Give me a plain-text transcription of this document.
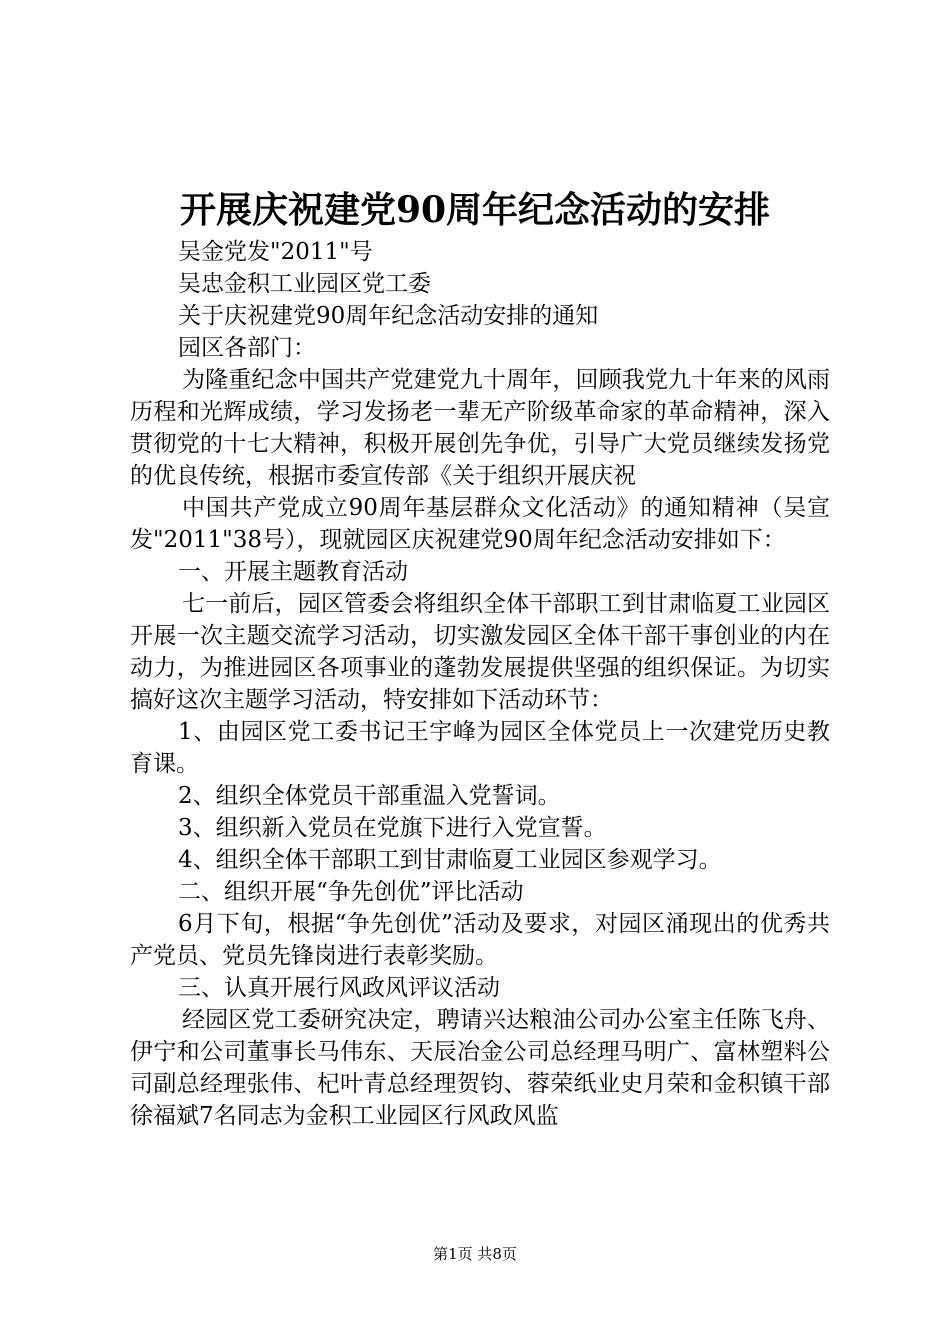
开展庆祝建党90周年纪念活动的安排

吴金党发"2011"号

吴忠金积工业园区党工委

关于庆祝建党90周年纪念活动安排的通知

园区各部门：

为隆重纪念中国共产党建党九十周年，回顾我党九十年来的风雨历程和光辉成绩，学习发扬老一辈无产阶级革命家的革命精神，深入贯彻党的十七大精神，积极开展创先争优，引导广大党员继续发扬党的优良传统，根据市委宣传部《关于组织开展庆祝

中国共产党成立90周年基层群众文化活动》的通知精神（吴宣发"2011"38号），现就园区庆祝建党90周年纪念活动安排如下：

一、开展主题教育活动

七一前后，园区管委会将组织全体干部职工到甘肃临夏工业园区开展一次主题交流学习活动，切实激发园区全体干部干事创业的内在动力，为推进园区各项事业的蓬勃发展提供坚强的组织保证。为切实搞好这次主题学习活动，特安排如下活动环节：

1、由园区党工委书记王宇峰为园区全体党员上一次建党历史教育课。

2、组织全体党员干部重温入党誓词。

3、组织新入党员在党旗下进行入党宣誓。

4、组织全体干部职工到甘肃临夏工业园区参观学习。

二、组织开展“争先创优”评比活动

6月下旬，根据“争先创优”活动及要求，对园区涌现出的优秀共产党员、党员先锋岗进行表彰奖励。

三、认真开展行风政风评议活动

经园区党工委研究决定，聘请兴达粮油公司办公室主任陈飞舟、伊宁和公司董事长马伟东、天辰冶金公司总经理马明广、富林塑料公司副总经理张伟、杞叶青总经理贺钧、蓉荣纸业史月荣和金积镇干部徐福斌7名同志为金积工业园区行风政风监

第1页 共8页
